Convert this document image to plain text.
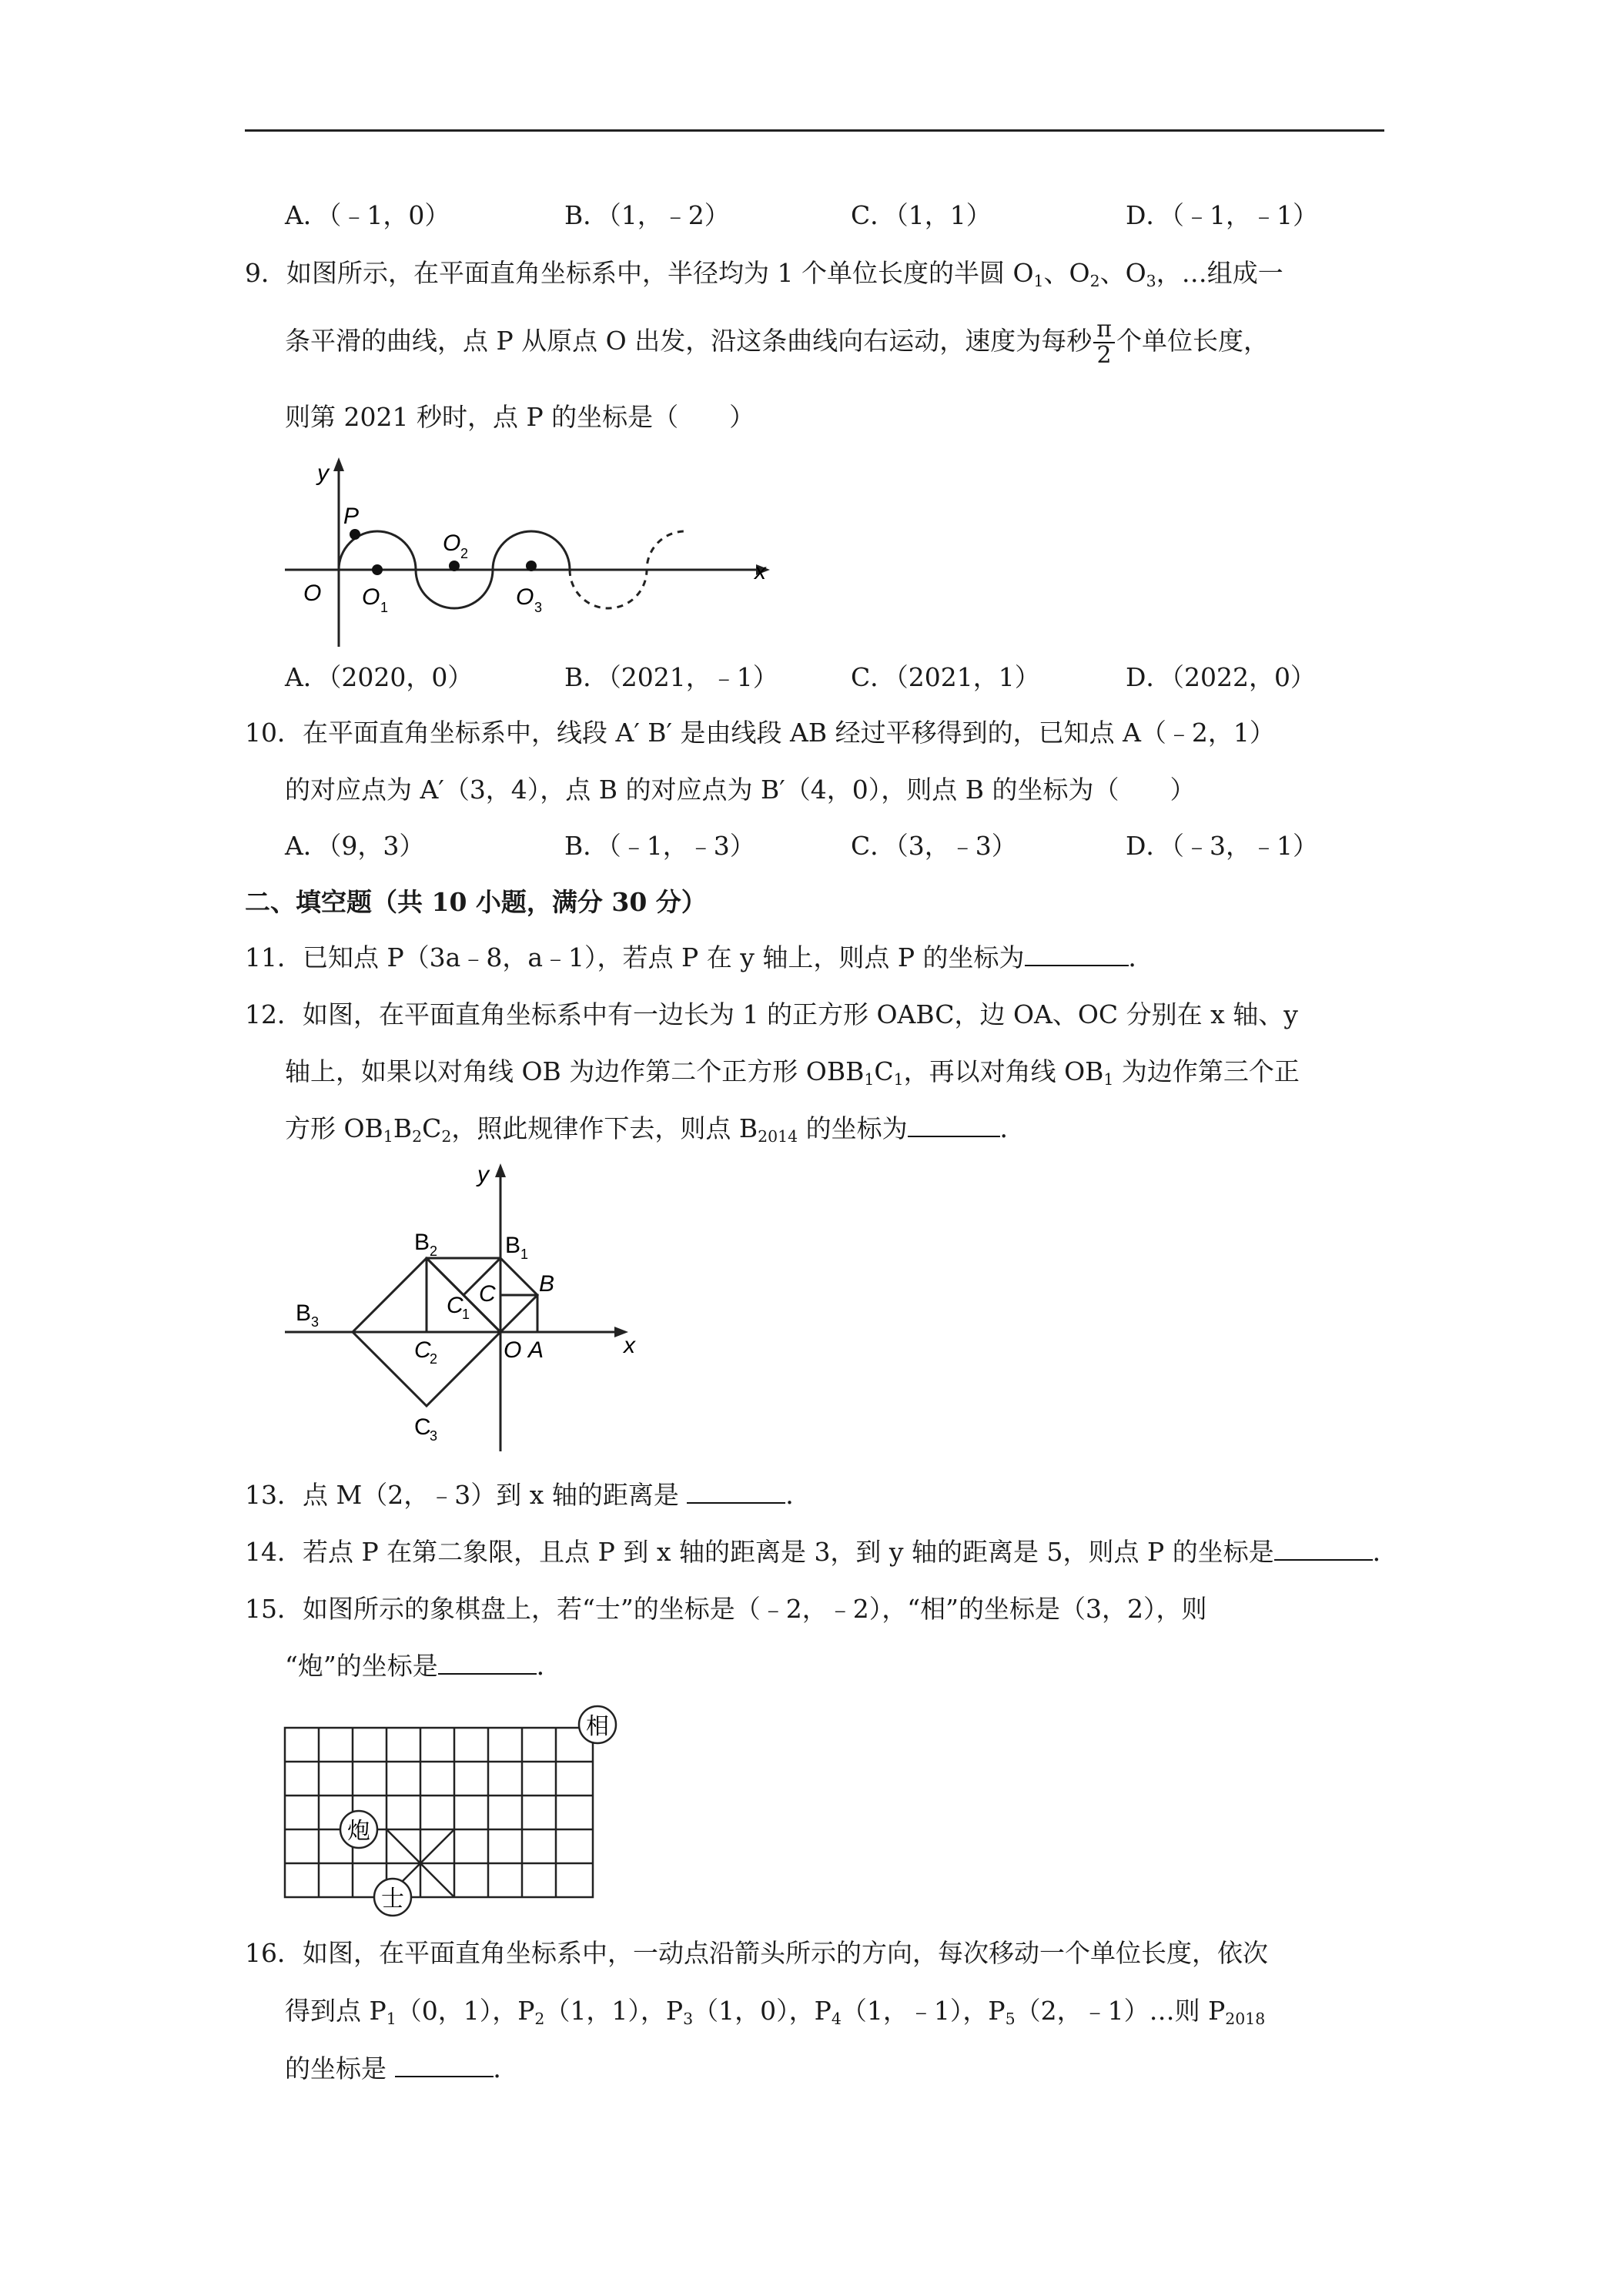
A．（﹣1，0）	B．（1，﹣2）	C．（1，1）	D．（﹣1，﹣1）
9．如图所示，在平面直角坐标系中，半径均为 1 个单位长度的半圆 $O_1$、$O_2$、$O_3$，…组成一
条平滑的曲线，点 P 从原点 O 出发，沿这条曲线向右运动，速度为每秒 $\frac{\pi}{2}$ 个单位长度，
则第 2021 秒时，点 P 的坐标是（　　）
y
x
O
P
O 1
O 2
O 3
A．（2020，0）	B．（2021，﹣1）	C．（2021，1）	D．（2022，0）
10．在平面直角坐标系中，线段 A′ B′ 是由线段 AB 经过平移得到的，已知点 A（﹣2，1）
的对应点为 A′（3，4），点 B 的对应点为 B′（4，0），则点 B 的坐标为（　　）
A．（9，3）	B．（﹣1，﹣3）	C．（3，﹣3）	D．（﹣3，﹣1）
二、填空题（共 10 小题，满分 30 分）
11．已知点 P（3a﹣8，a﹣1），若点 P 在 y 轴上，则点 P 的坐标为	．
12．如图，在平面直角坐标系中有一边长为 1 的正方形 OABC，边 OA、OC 分别在 x 轴、y
轴上，如果以对角线 OB 为边作第二个正方形 $OBB_1C_1$，再以对角线 $OB_1$ 为边作第三个正
方形 $OB_1B_2C_2$，照此规律作下去，则点 $B_{2014}$ 的坐标为	．
y
x
O A
B
C
B 1
C
1
B 2
C
2
B 3
C
3
13．点 M（2，﹣3）到 x 轴的距离是	．
14．若点 P 在第二象限，且点 P 到 x 轴的距离是 3，到 y 轴的距离是 5，则点 P 的坐标是	．
15．如图所示的象棋盘上，若“士”的坐标是（﹣2，﹣2），“相”的坐标是（3，2），则
“炮”的坐标是	．
相
炮
士
16．如图，在平面直角坐标系中，一动点沿箭头所示的方向，每次移动一个单位长度，依次
得到点 $P_1(0$，1），$P_2(1$，1），$P_3(1$，0），$P_4(1$，﹣1），$P_5(2$，﹣1）…则 $P_{2018}$
的坐标是	．
